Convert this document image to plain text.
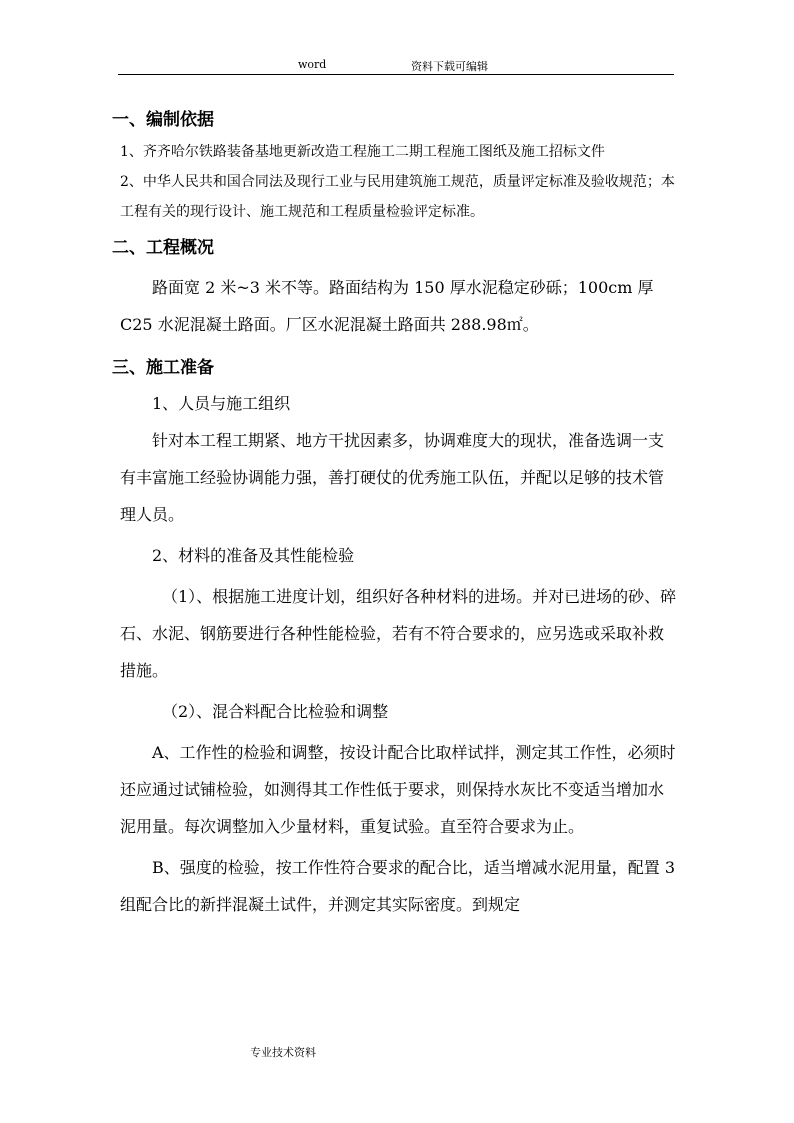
word	资料下载可编辑
一、编制依据

1、齐齐哈尔铁路装备基地更新改造工程施工二期工程施工图纸及施工招标文件

2、中华人民共和国合同法及现行工业与民用建筑施工规范，质量评定标准及验收规范；本工程有关的现行设计、施工规范和工程质量检验评定标准。

二、工程概况

路面宽 2 米~3 米不等。路面结构为 150 厚水泥稳定砂砾；100cm 厚 C25 水泥混凝土路面。厂区水泥混凝土路面共 288.98㎡。

三、施工准备

1、人员与施工组织

针对本工程工期紧、地方干扰因素多，协调难度大的现状，准备选调一支有丰富施工经验协调能力强，善打硬仗的优秀施工队伍，并配以足够的技术管理人员。

2、材料的准备及其性能检验

（1）、根据施工进度计划，组织好各种材料的进场。并对已进场的砂、碎石、水泥、钢筋要进行各种性能检验，若有不符合要求的，应另选或采取补救措施。

（2）、混合料配合比检验和调整

A、工作性的检验和调整，按设计配合比取样试拌，测定其工作性，必须时还应通过试铺检验，如测得其工作性低于要求，则保持水灰比不变适当增加水泥用量。每次调整加入少量材料，重复试验。直至符合要求为止。

B、强度的检验，按工作性符合要求的配合比，适当增减水泥用量，配置 3 组配合比的新拌混凝土试件，并测定其实际密度。到规定

专业技术资料
